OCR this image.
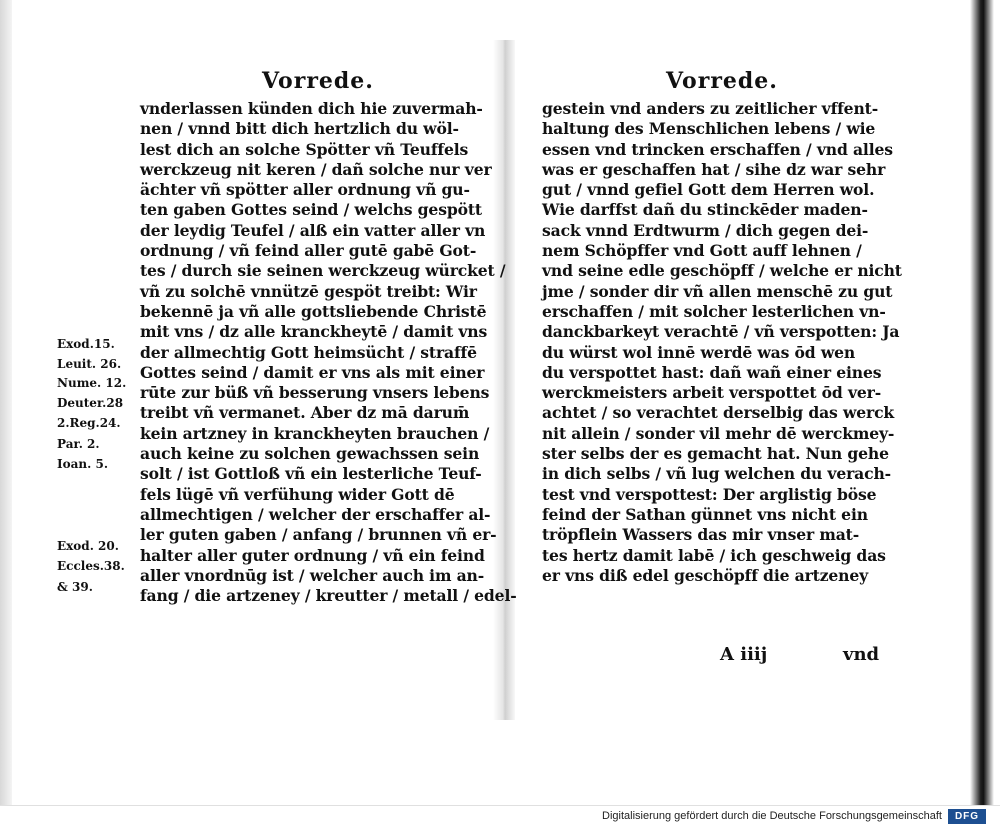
Vorrede.
vnderlassen künden dich hie zuvermah-
nen / vnnd bitt dich hertzlich du wöl-
lest dich an solche Spötter vñ Teuffels
werckzeug nit keren / dañ solche nur ver
ächter vñ spötter aller ordnung vñ gu-
ten gaben Gottes seind / welchs gespött
der leydig Teufel / alß ein vatter aller vn
ordnung / vñ feind aller gutē gabē Got-
tes / durch sie seinen werckzeug würcket /
vñ zu solchē vnnützē gespöt treibt: Wir
bekennē ja vñ alle gottsliebende Christē
mit vns / dz alle kranckheytē / damit vns
der allmechtig Gott heimsücht / straffē
Gottes seind / damit er vns als mit einer
rūte zur büß vñ besserung vnsers lebens
treibt vñ vermanet. Aber dz mā darum̄
kein artzney in kranckheyten brauchen /
auch keine zu solchen gewachssen sein
solt / ist Gottloß vñ ein lesterliche Teuf-
fels lügē vñ verfühung wider Gott dē
allmechtigen / welcher der erschaffer al-
ler guten gaben / anfang / brunnen vñ er-
halter aller guter ordnung / vñ ein feind
aller vnordnūg ist / welcher auch im an-
fang / die artzeney / kreutter / metall / edel-
Exod.15.
Leuit. 26.
Nume. 12.
Deuter.28
2.Reg.24.
Par. 2.
Ioan. 5.
Exod. 20.
Eccles.38.
& 39.
Vorrede.
gestein vnd anders zu zeitlicher vffent-
haltung des Menschlichen lebens / wie
essen vnd trincken erschaffen / vnd alles
was er geschaffen hat / sihe dz war sehr
gut / vnnd gefiel Gott dem Herren wol.
Wie darffst dañ du stinckēder maden-
sack vnnd Erdtwurm / dich gegen dei-
nem Schöpffer vnd Gott auff lehnen /
vnd seine edle geschöpff / welche er nicht
jme / sonder dir vñ allen menschē zu gut
erschaffen / mit solcher lesterlichen vn-
danckbarkeyt verachtē / vñ verspotten: Ja
du würst wol innē werdē was ōd wen
du verspottet hast: dañ wañ einer eines
werckmeisters arbeit verspottet ōd ver-
achtet / so verachtet derselbig das werck
nit allein / sonder vil mehr dē werckmey-
ster selbs der es gemacht hat. Nun gehe
in dich selbs / vñ lug welchen du verach-
test vnd verspottest: Der arglistig böse
feind der Sathan günnet vns nicht ein
tröpflein Wassers das mir vnser mat-
tes hertz damit labē / ich geschweig das
er vns diß edel geschöpff die artzeney
A iiij	vnd
Digitalisierung gefördert durch die Deutsche Forschungsgemeinschaft	DFG
